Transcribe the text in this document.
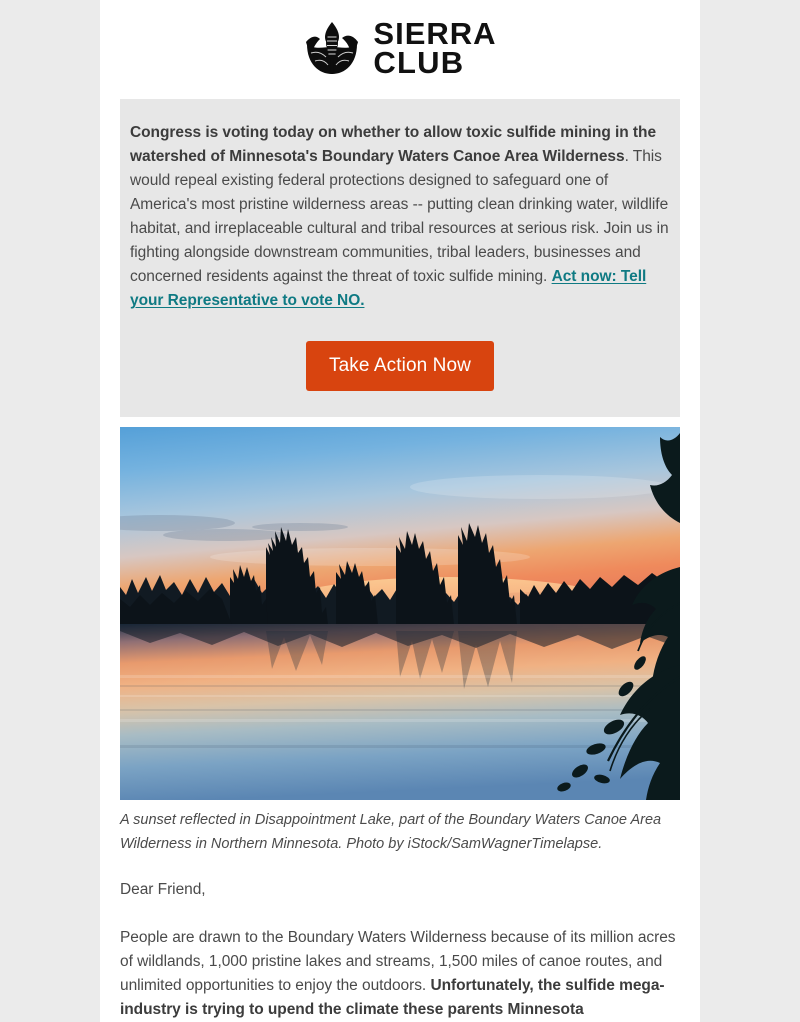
SIERRA
CLUB

Congress is voting today on whether to allow toxic sulfide mining in the watershed of Minnesota's Boundary Waters Canoe Area Wilderness. This would repeal existing federal protections designed to safeguard one of America's most pristine wilderness areas -- putting clean drinking water, wildlife habitat, and irreplaceable cultural and tribal resources at serious risk. Join us in fighting alongside downstream communities, tribal leaders, businesses and concerned residents against the threat of toxic sulfide mining. Act now: Tell your Representative to vote NO.

Take Action Now
A sunset reflected in Disappointment Lake, part of the Boundary Waters Canoe Area Wilderness in Northern Minnesota. Photo by iStock/SamWagnerTimelapse.

Dear Friend,

People are drawn to the Boundary Waters Wilderness because of its million acres of wildlands, 1,000 pristine lakes and streams, 1,500 miles of canoe routes, and unlimited opportunities to enjoy the outdoors. Unfortunately, the sulfide mega-industry is trying to upend the climate these parents Minnesota
